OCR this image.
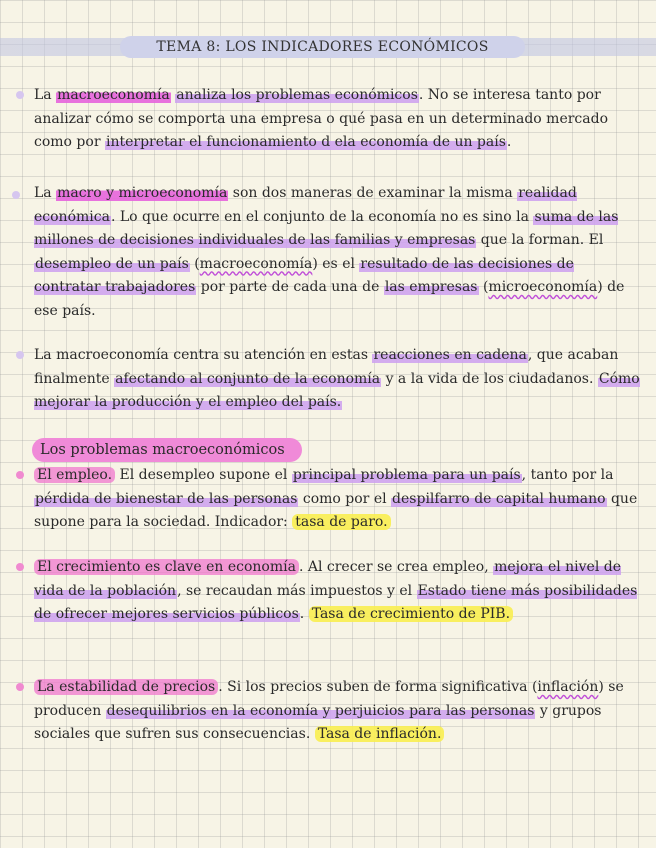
TEMA 8: LOS INDICADORES ECONÓMICOS
La macroeconomía analiza los problemas económicos. No se interesa tanto por analizar cómo se comporta una empresa o qué pasa en un determinado mercado como por interpretar el funcionamiento d ela economía de un país.
La macro y microeconomía son dos maneras de examinar la misma realidad económica. Lo que ocurre en el conjunto de la economía no es sino la suma de las millones de decisiones individuales de las familias y empresas que la forman. El desempleo de un país (macroeconomía) es el resultado de las decisiones de contratar trabajadores por parte de cada una de las empresas (microeconomía) de ese país.
La macroeconomía centra su atención en estas reacciones en cadena, que acaban finalmente afectando al conjunto de la economía y a la vida de los ciudadanos. Cómo mejorar la producción y el empleo del país.
Los problemas macroeconómicos
El empleo. El desempleo supone el principal problema para un país, tanto por la pérdida de bienestar de las personas como por el despilfarro de capital humano que supone para la sociedad. Indicador: tasa de paro.
El crecimiento es clave en economía . Al crecer se crea empleo, mejora el nivel de vida de la población, se recaudan más impuestos y el Estado tiene más posibilidades de ofrecer mejores servicios públicos. Tasa de crecimiento de PIB.
La estabilidad de precios . Si los precios suben de forma significativa (inflación) se producen desequilibrios en la economía y perjuicios para las personas y grupos sociales que sufren sus consecuencias. Tasa de inflación.
